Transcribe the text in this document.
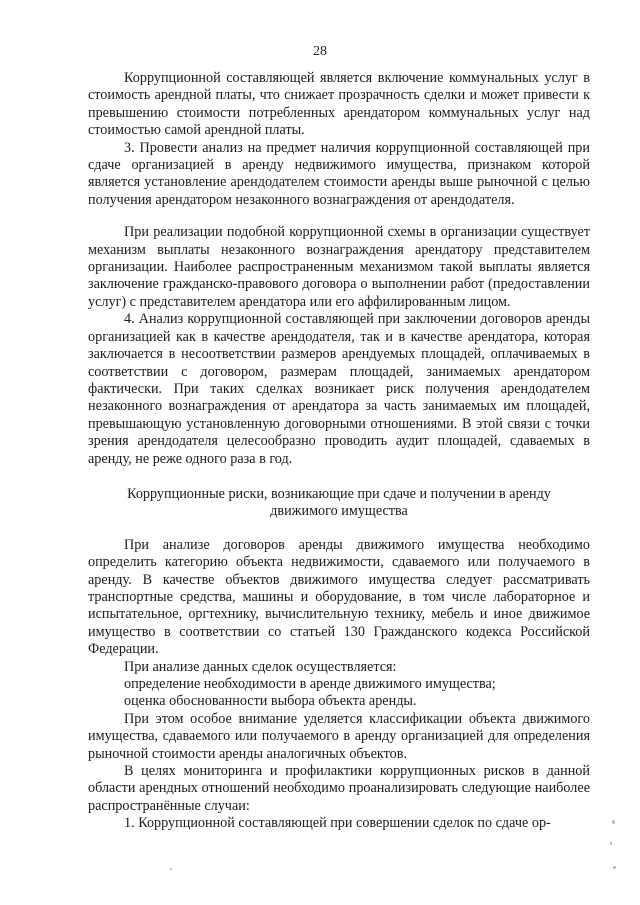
28

Коррупционной составляющей является включение коммунальных услуг в стоимость арендной платы, что снижает прозрачность сделки и может привести к превышению стоимости потребленных арендатором коммунальных услуг над стоимостью самой арендной платы.

3. Провести анализ на предмет наличия коррупционной составляющей при сдаче организацией в аренду недвижимого имущества, признаком которой является установление арендодателем стоимости аренды выше рыночной с целью получения арендатором незаконного вознаграждения от арендодателя.

При реализации подобной коррупционной схемы в организации существует механизм выплаты незаконного вознаграждения арендатору представителем организации. Наиболее распространенным механизмом такой выплаты является заключение гражданско-правового договора о выполнении работ (предоставлении услуг) с представителем арендатора или его аффилированным лицом.

4. Анализ коррупционной составляющей при заключении договоров аренды организацией как в качестве арендодателя, так и в качестве арендатора, которая заключается в несоответствии размеров арендуемых площадей, оплачиваемых в соответствии с договором, размерам площадей, занимаемых арендатором фактически. При таких сделках возникает риск получения арендодателем незаконного вознаграждения от арендатора за часть занимаемых им площадей, превышающую установленную договорными отношениями. В этой связи с точки зрения арендодателя целесообразно проводить аудит площадей, сдаваемых в аренду, не реже одного раза в год.

Коррупционные риски, возникающие при сдаче и получении в аренду движимого имущества

При анализе договоров аренды движимого имущества необходимо определить категорию объекта недвижимости, сдаваемого или получаемого в аренду. В качестве объектов движимого имущества следует рассматривать транспортные средства, машины и оборудование, в том числе лабораторное и испытательное, оргтехнику, вычислительную технику, мебель и иное движимое имущество в соответствии со статьей 130 Гражданского кодекса Российской Федерации.

При анализе данных сделок осуществляется:

определение необходимости в аренде движимого имущества;

оценка обоснованности выбора объекта аренды.

При этом особое внимание уделяется классификации объекта движимого имущества, сдаваемого или получаемого в аренду организацией для определения рыночной стоимости аренды аналогичных объектов.

В целях мониторинга и профилактики коррупционных рисков в данной области арендных отношений необходимо проанализировать следующие наиболее распространённые случаи:

1. Коррупционной составляющей при совершении сделок по сдаче ор-
